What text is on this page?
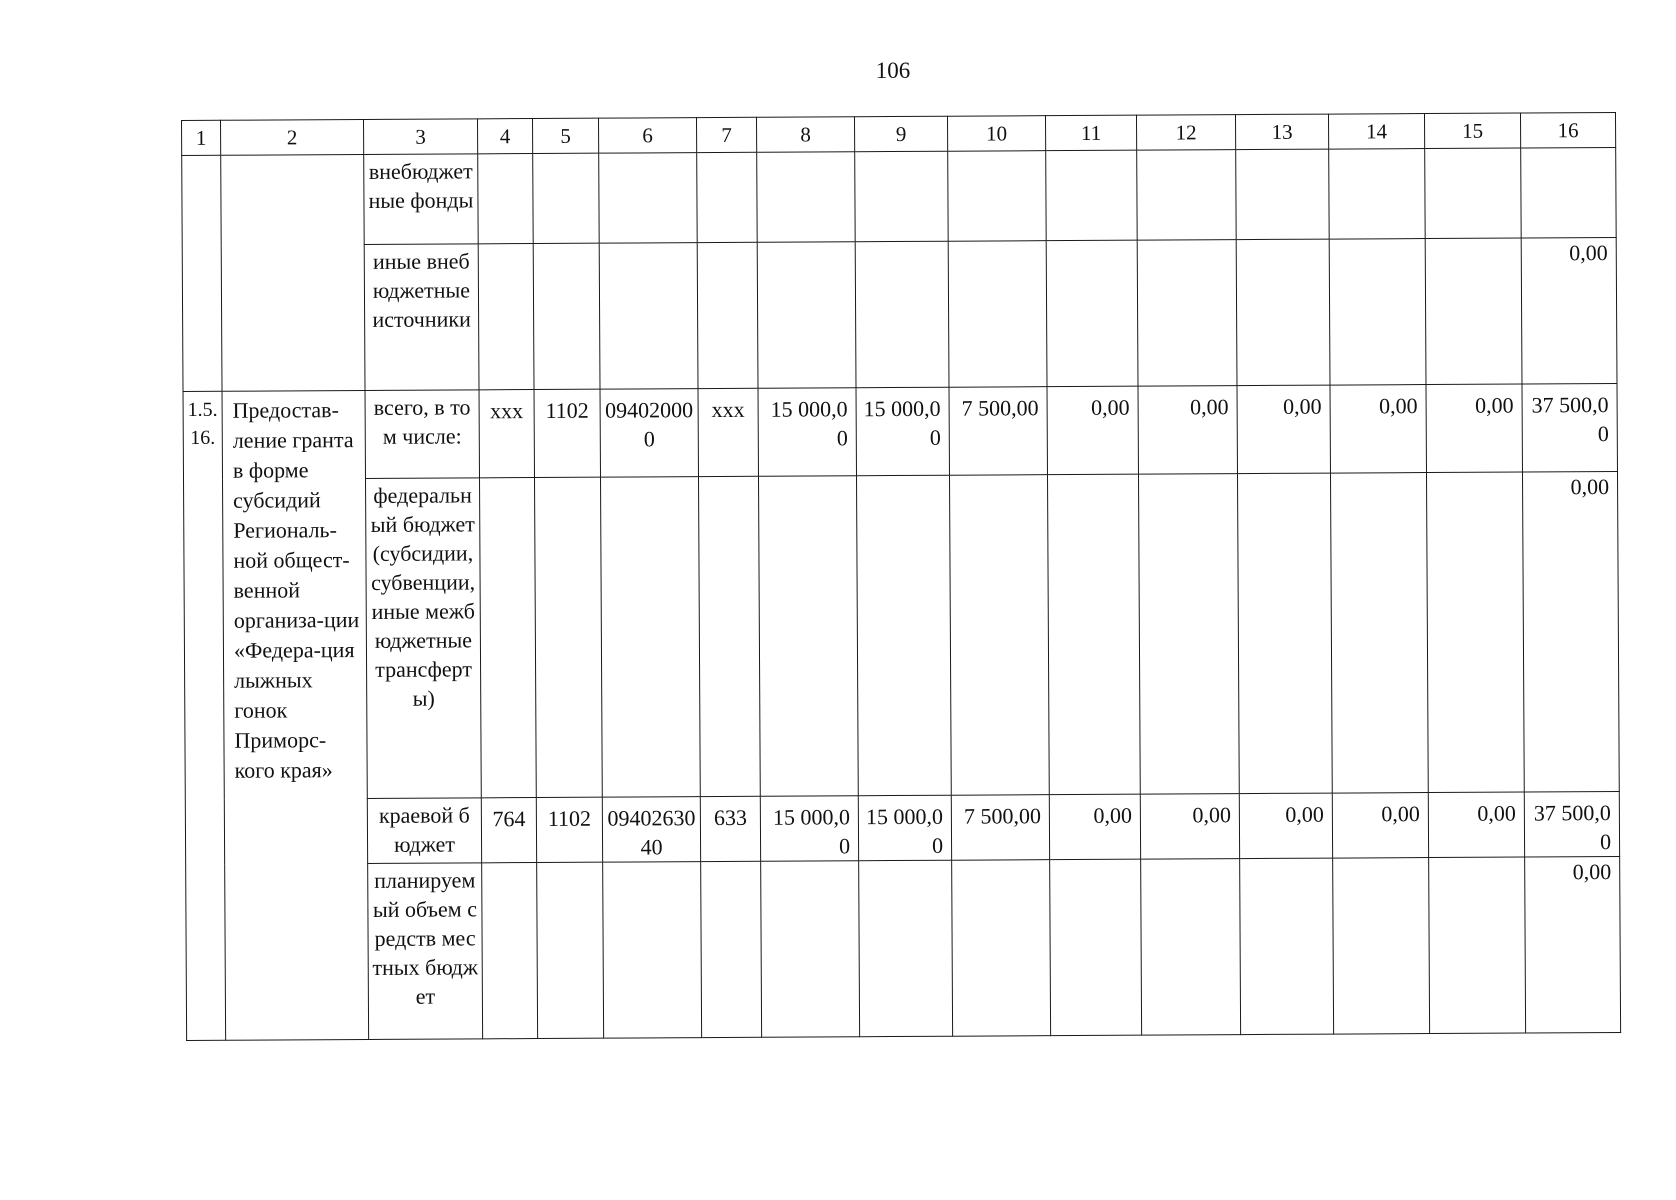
106
1	2	3	4	5	6	7	8	9	10	11	12	13	14	15	16
		внебюджетные фонды													
		иные внебюджетные источники													0,00
1.5.16.	Предостав-ление гранта в форме субсидий Региональ-ной общест-венной организа-ции «Федера-ция лыжных гонок Приморс-кого края»	всего, в том числе:	ххх	1102	094020000	ххх	15 000,00	15 000,00	7 500,00	0,00	0,00	0,00	0,00	0,00	37 500,00
		федеральный бюджет (субсидии, субвенции, иные межбюджетные трансферты)													0,00
		краевой бюджет	764	1102	0940263040	633	15 000,00	15 000,00	7 500,00	0,00	0,00	0,00	0,00	0,00	37 500,00
		планируемый объем средств местных бюджет													0,00
